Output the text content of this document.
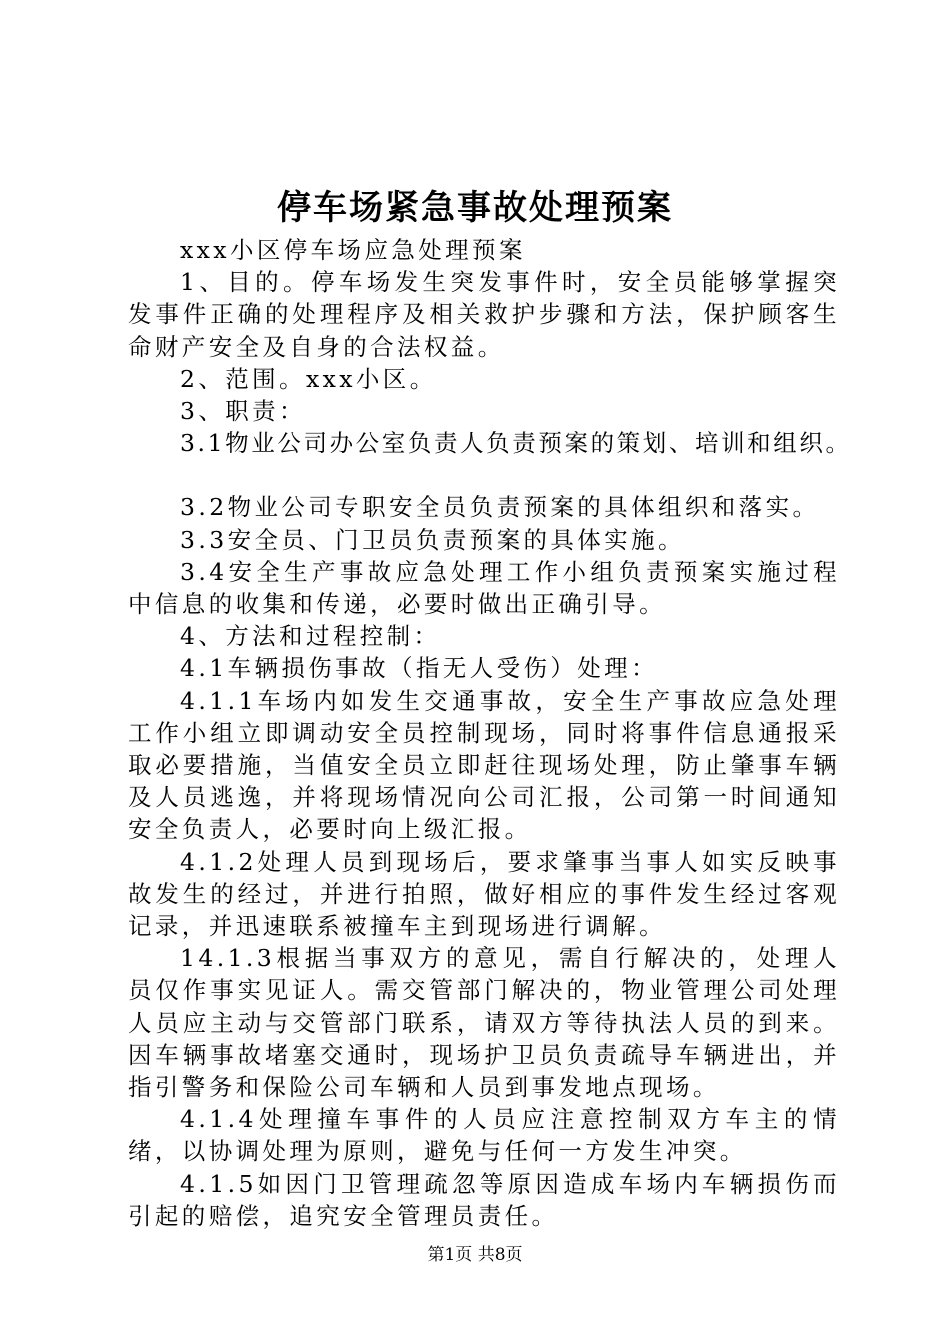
停车场紧急事故处理预案

xxx小区停车场应急处理预案

1、目的。停车场发生突发事件时，安全员能够掌握突发事件正确的处理程序及相关救护步骤和方法，保护顾客生命财产安全及自身的合法权益。

2、范围。xxx小区。

3、职责：

3.1物业公司办公室负责人负责预案的策划、培训和组织。

3.2物业公司专职安全员负责预案的具体组织和落实。

3.3安全员、门卫员负责预案的具体实施。

3.4安全生产事故应急处理工作小组负责预案实施过程中信息的收集和传递，必要时做出正确引导。

4、方法和过程控制：

4.1车辆损伤事故（指无人受伤）处理：

4.1.1车场内如发生交通事故，安全生产事故应急处理工作小组立即调动安全员控制现场，同时将事件信息通报采取必要措施，当值安全员立即赶往现场处理，防止肇事车辆及人员逃逸，并将现场情况向公司汇报，公司第一时间通知安全负责人，必要时向上级汇报。

4.1.2处理人员到现场后，要求肇事当事人如实反映事故发生的经过，并进行拍照，做好相应的事件发生经过客观记录，并迅速联系被撞车主到现场进行调解。

14.1.3根据当事双方的意见，需自行解决的，处理人员仅作事实见证人。需交管部门解决的，物业管理公司处理人员应主动与交管部门联系，请双方等待执法人员的到来。因车辆事故堵塞交通时，现场护卫员负责疏导车辆进出，并指引警务和保险公司车辆和人员到事发地点现场。

4.1.4处理撞车事件的人员应注意控制双方车主的情绪，以协调处理为原则，避免与任何一方发生冲突。

4.1.5如因门卫管理疏忽等原因造成车场内车辆损伤而引起的赔偿，追究安全管理员责任。

第1页 共8页
